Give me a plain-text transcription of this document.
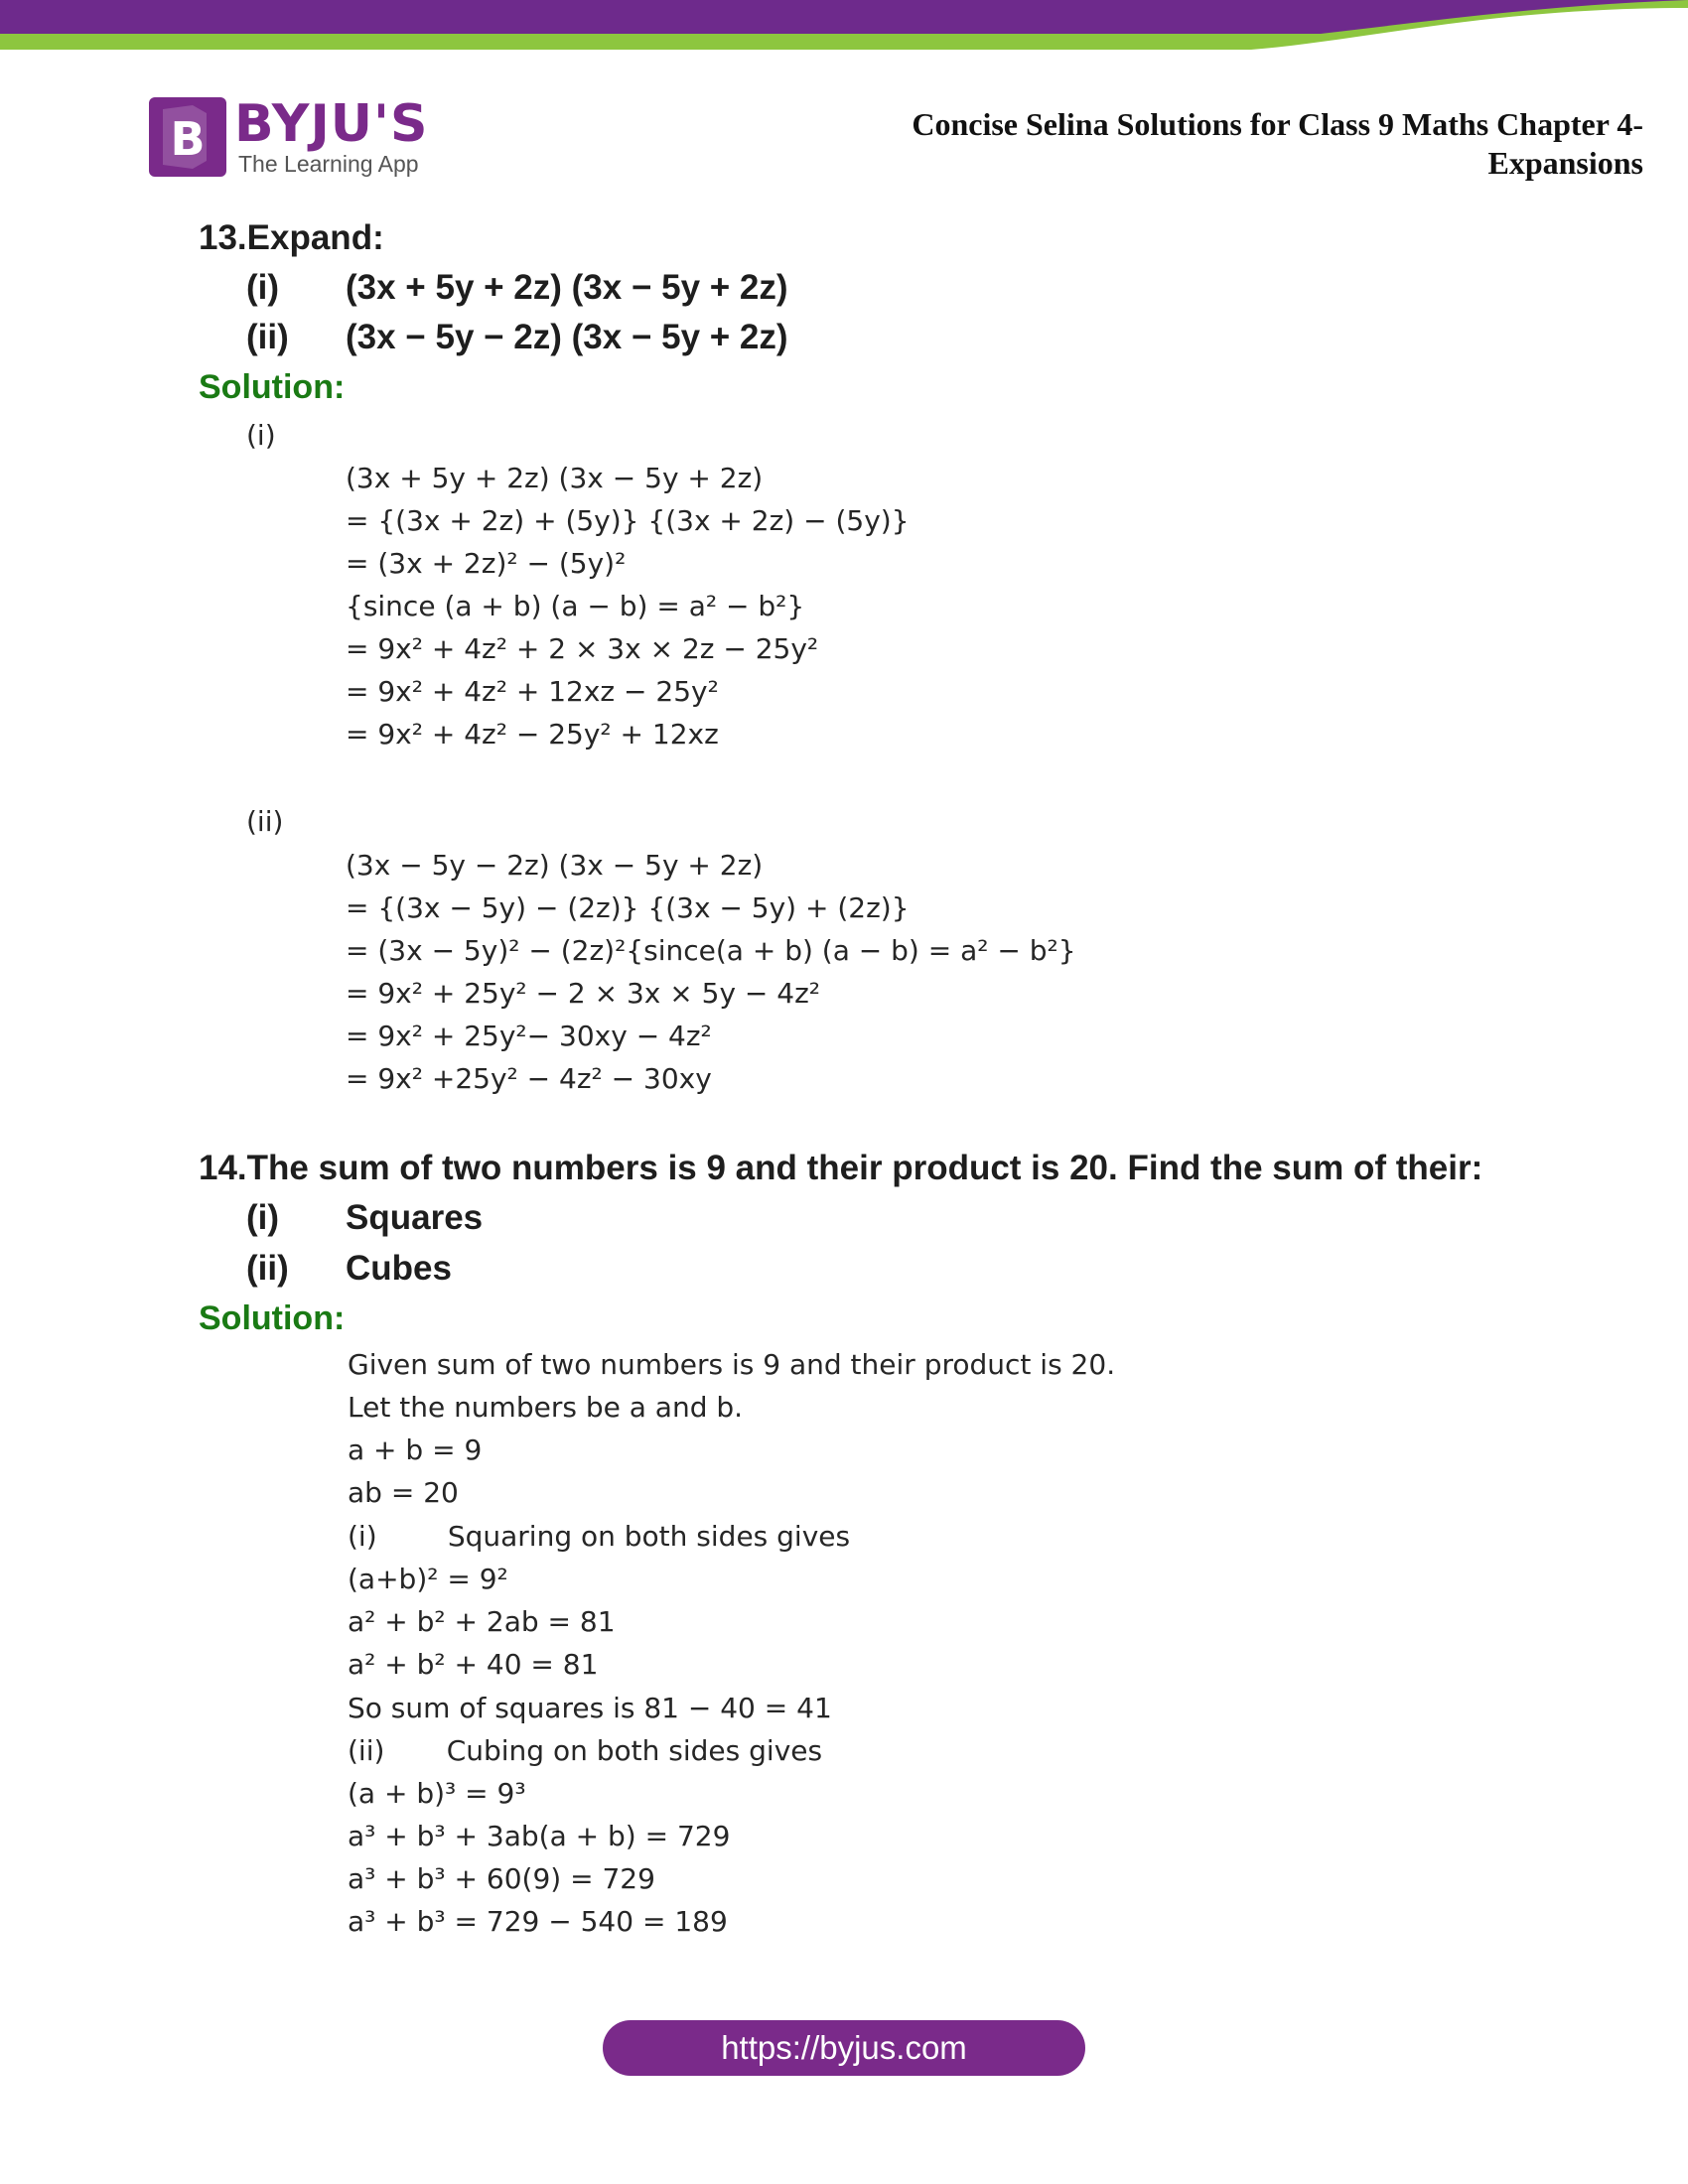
B BYJU'S
The Learning App
Concise Selina Solutions for Class 9 Maths Chapter 4-
Expansions
13.Expand:
(i) (3x + 5y + 2z) (3x − 5y + 2z)
(ii) (3x − 5y − 2z) (3x − 5y + 2z)
Solution:
(i)
(3x + 5y + 2z) (3x − 5y + 2z)
= {(3x + 2z) + (5y)} {(3x + 2z) − (5y)}
= (3x + 2z)² − (5y)²
{since (a + b) (a − b) = a² − b²}
= 9x² + 4z² + 2 × 3x × 2z − 25y²
= 9x² + 4z² + 12xz − 25y²
= 9x² + 4z² − 25y² + 12xz
(ii)
(3x − 5y − 2z) (3x − 5y + 2z)
= {(3x − 5y) − (2z)} {(3x − 5y) + (2z)}
= (3x − 5y)² − (2z)²{since(a + b) (a − b) = a² − b²}
= 9x² + 25y² − 2 × 3x × 5y − 4z²
= 9x² + 25y²− 30xy − 4z²
= 9x² +25y² − 4z² − 30xy
14.The sum of two numbers is 9 and their product is 20. Find the sum of their:
(i) Squares
(ii) Cubes
Solution:
Given sum of two numbers is 9 and their product is 20.
Let the numbers be a and b.
a + b = 9
ab = 20
(i)        Squaring on both sides gives
(a+b)² = 9²
a² + b² + 2ab = 81
a² + b² + 40 = 81
So sum of squares is 81 − 40 = 41
(ii)       Cubing on both sides gives
(a + b)³ = 9³
a³ + b³ + 3ab(a + b) = 729
a³ + b³ + 60(9) = 729
a³ + b³ = 729 − 540 = 189
https://byjus.com
